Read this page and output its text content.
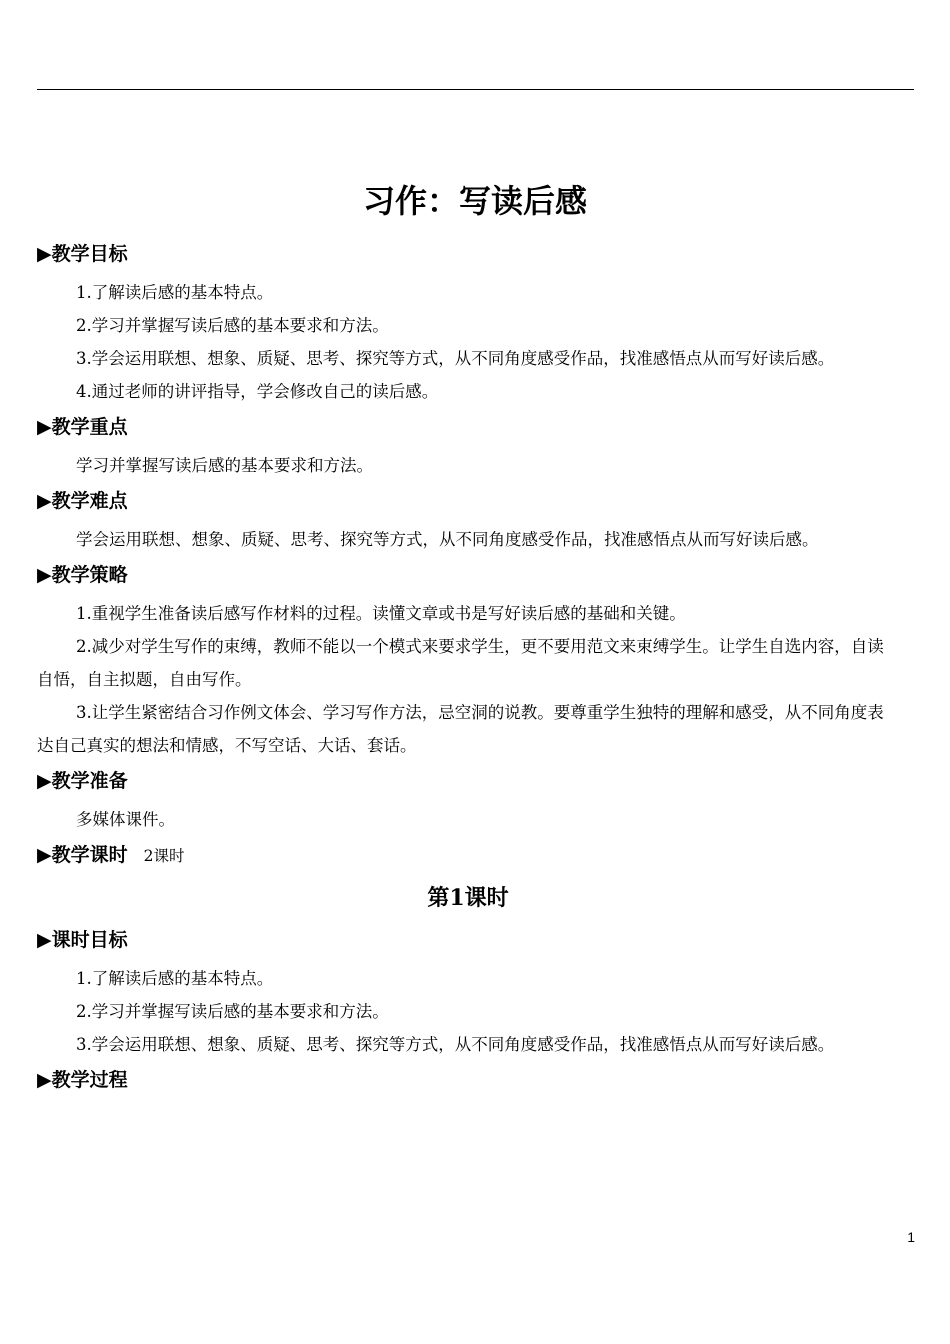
习作：写读后感
▶教学目标

1.了解读后感的基本特点。

2.学习并掌握写读后感的基本要求和方法。

3.学会运用联想、想象、质疑、思考、探究等方式，从不同角度感受作品，找准感悟点从而写好读后感。

4.通过老师的讲评指导，学会修改自己的读后感。

▶教学重点

学习并掌握写读后感的基本要求和方法。

▶教学难点

学会运用联想、想象、质疑、思考、探究等方式，从不同角度感受作品，找准感悟点从而写好读后感。

▶教学策略

1.重视学生准备读后感写作材料的过程。读懂文章或书是写好读后感的基础和关键。

2.减少对学生写作的束缚，教师不能以一个模式来要求学生，更不要用范文来束缚学生。让学生自选内容，自读自悟，自主拟题，自由写作。

3.让学生紧密结合习作例文体会、学习写作方法，忌空洞的说教。要尊重学生独特的理解和感受，从不同角度表达自己真实的想法和情感，不写空话、大话、套话。

▶教学准备

多媒体课件。

▶教学课时 2课时
第1课时
▶课时目标

1.了解读后感的基本特点。

2.学习并掌握写读后感的基本要求和方法。

3.学会运用联想、想象、质疑、思考、探究等方式，从不同角度感受作品，找准感悟点从而写好读后感。

▶教学过程
1
